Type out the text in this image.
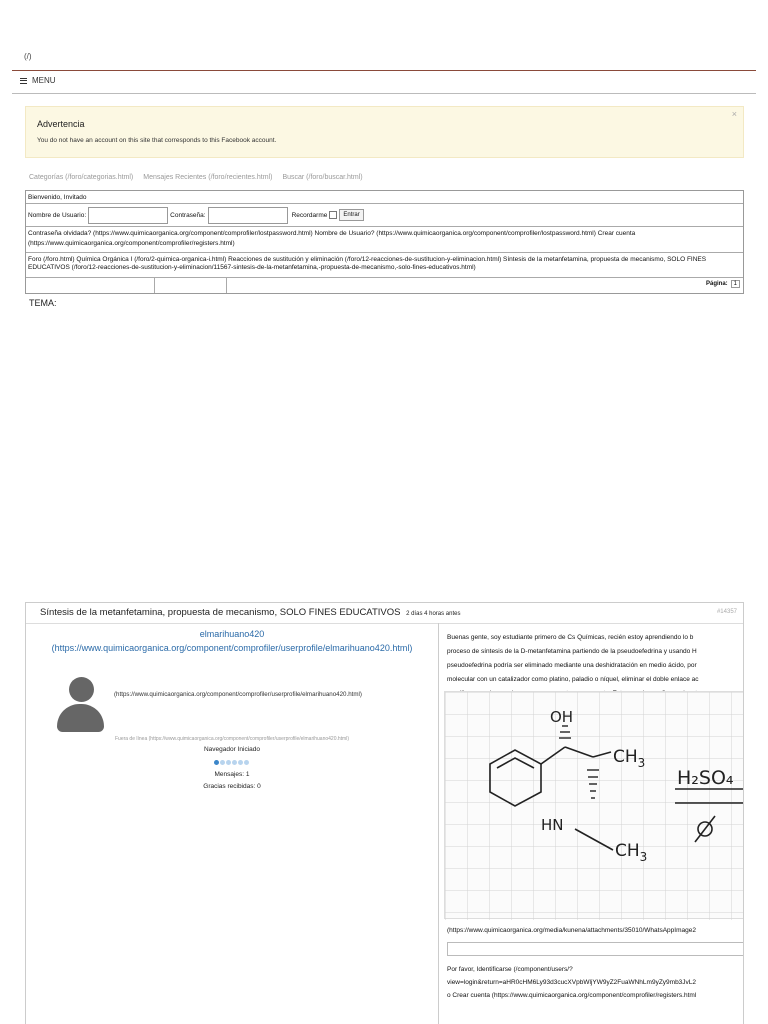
(/)
MENU
Advertencia
You do not have an account on this site that corresponds to this Facebook account.
×
Categorías (/foro/categorias.html) Mensajes Recientes (/foro/recientes.html) Buscar (/foro/buscar.html)
Bienvenido, Invitado
Nombre de Usuario:	Contraseña:	Recordarme	Entrar
Contraseña olvidada? (https://www.quimicaorganica.org/component/comprofiler/lostpassword.html) Nombre de Usuario? (https://www.quimicaorganica.org/component/comprofiler/lostpassword.html) Crear cuenta (https://www.quimicaorganica.org/component/comprofiler/registers.html)
Foro (/foro.html) Química Orgánica I (/foro/2-quimica-organica-i.html) Reacciones de sustitución y eliminación (/foro/12-reacciones-de-sustitucion-y-eliminacion.html) Síntesis de la metanfetamina, propuesta de mecanismo, SOLO FINES EDUCATIVOS (/foro/12-reacciones-de-sustitucion-y-eliminacion/11567-sintesis-de-la-metanfetamina,-propuesta-de-mecanismo,-solo-fines-educativos.html)
Página:	1
TEMA:
Síntesis de la metanfetamina, propuesta de mecanismo, SOLO FINES EDUCATIVOS 2 días 4 horas antes	#14357
elmarihuano420
(https://www.quimicaorganica.org/component/comprofiler/userprofile/elmarihuano420.html)
(https://www.quimicaorganica.org/component/comprofiler/userprofile/elmarihuano420.html)
Fuera de línea (https://www.quimicaorganica.org/component/comprofiler/userprofile/elmarihuano420.html)
Navegador Iniciado
Mensajes: 1
Gracias recibidas: 0
Buenas gente, soy estudiante primero de Cs Químicas, recién estoy aprendiendo lo b
proceso de síntesis de la D-metanfetamina partiendo de la pseudoefedrina y usando H
pseudoefedrina podría ser eliminado mediante una deshidratación en medio ácido, por
molecular con un catalizador como platino, paladio o níquel, eliminar el doble enlace ac
OH
$CH_3$
H₂SO₄
HN
$CH_3$
(https://www.quimicaorganica.org/media/kunena/attachments/35010/WhatsAppImage2
Por favor, Identificarse (/component/users/?
view=login&return=aHR0cHM6Ly93d3cucXVpbWljYW9yZ2FuaWNhLm9yZy9mb3JvL2
o Crear cuenta (https://www.quimicaorganica.org/component/comprofiler/registers.html
